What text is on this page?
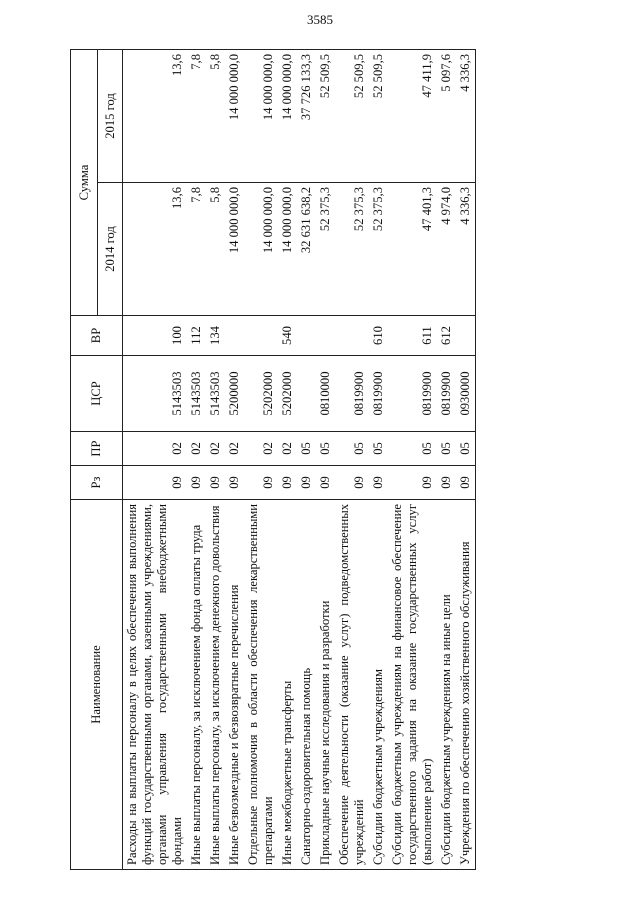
3585
Наименование	Рз	ПР	ЦСР	ВР	Сумма	
					2014 год	2015 год
Расходы на выплаты персоналу в целях обеспечения выполнения функций государственными органами, казенными учреждениями, органами управления государственными внебюджетными фондами	09	02	5143503	100	13,6	13,6
Иные выплаты персоналу, за исключением фонда оплаты труда	09	02	5143503	112	7,8	7,8
Иные выплаты персоналу, за исключением денежного довольствия	09	02	5143503	134	5,8	5,8
Иные безвозмездные и безвозвратные перечисления	09	02	5200000		14 000 000,0	14 000 000,0
Отдельные полномочия в области обеспечения лекарственными препаратами	09	02	5202000		14 000 000,0	14 000 000,0
Иные межбюджетные трансферты	09	02	5202000	540	14 000 000,0	14 000 000,0
Санаторно-оздоровительная помощь	09	05			32 631 638,2	37 726 133,3
Прикладные научные исследования и разработки	09	05	0810000		52 375,3	52 509,5
Обеспечение деятельности (оказание услуг) подведомственных учреждений	09	05	0819900		52 375,3	52 509,5
Субсидии бюджетным учреждениям	09	05	0819900	610	52 375,3	52 509,5
Субсидии бюджетным учреждениям на финансовое обеспечение государственного задания на оказание государственных услуг (выполнение работ)	09	05	0819900	611	47 401,3	47 411,9
Субсидии бюджетным учреждениям на иные цели	09	05	0819900	612	4 974,0	5 097,6
Учреждения по обеспечению хозяйственного обслуживания	09	05	0930000		4 336,3	4 336,3
